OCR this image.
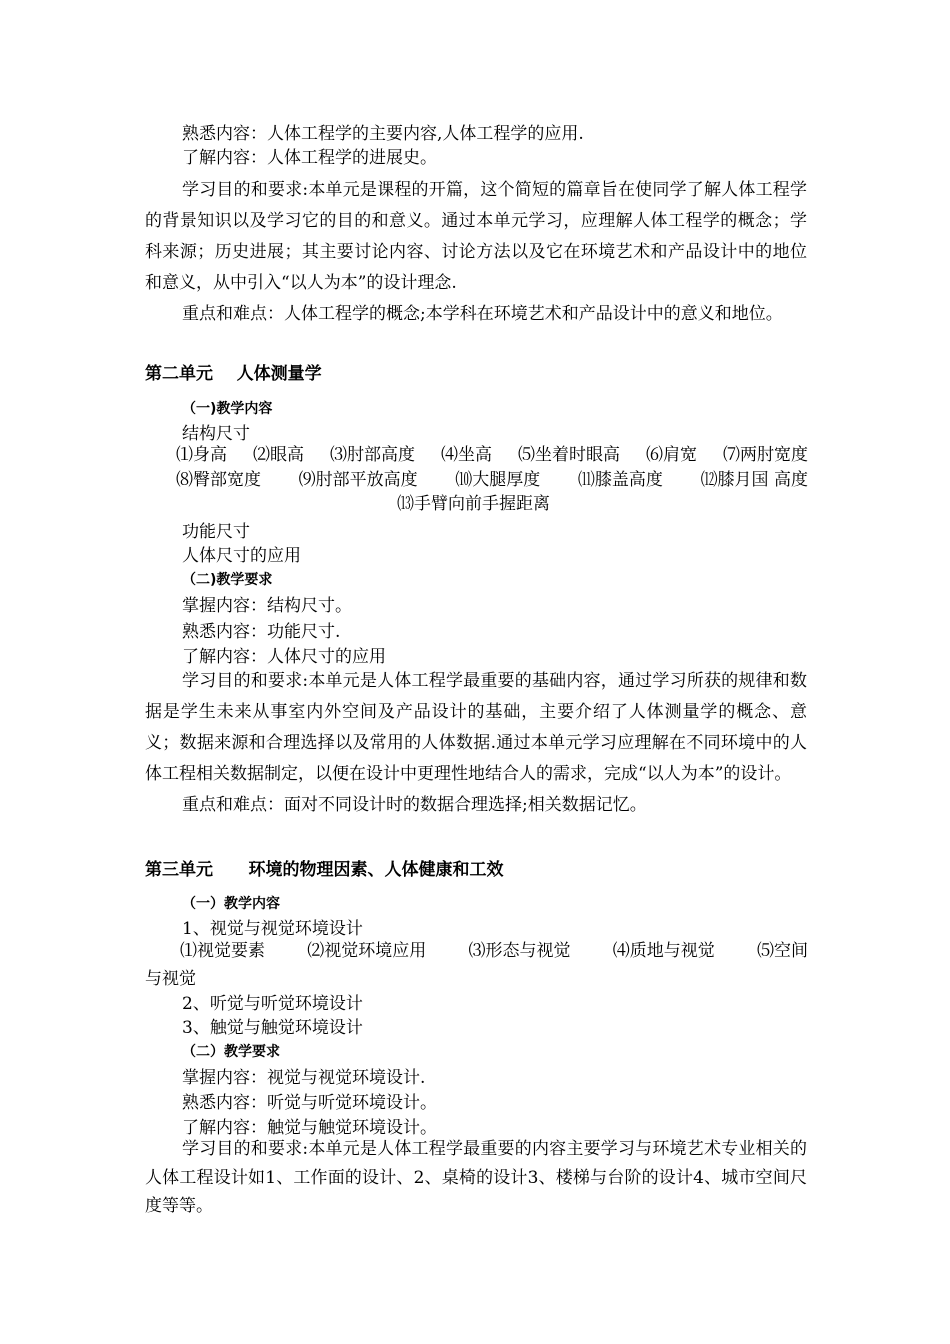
熟悉内容：人体工程学的主要内容,人体工程学的应用.

了解内容：人体工程学的进展史。

学习目的和要求:本单元是课程的开篇，这个简短的篇章旨在使同学了解人体工程学的背景知识以及学习它的目的和意义。通过本单元学习，应理解人体工程学的概念；学科来源；历史进展；其主要讨论内容、讨论方法以及它在环境艺术和产品设计中的地位和意义，从中引入“以人为本”的设计理念.

重点和难点：人体工程学的概念;本学科在环境艺术和产品设计中的意义和地位。

第二单元    人体测量学
（一)教学内容
结构尺寸
⑴身高 ⑵眼高 ⑶肘部高度 ⑷坐高 ⑸坐着时眼高 ⑹肩宽 ⑺两肘宽度
⑻臀部宽度 ⑼肘部平放高度 ⑽大腿厚度 ⑾膝盖高度 ⑿膝月国 高度
⒀手臂向前手握距离
功能尺寸
人体尺寸的应用
（二)教学要求
掌握内容：结构尺寸。
熟悉内容：功能尺寸.
了解内容：人体尺寸的应用

学习目的和要求:本单元是人体工程学最重要的基础内容，通过学习所获的规律和数据是学生未来从事室内外空间及产品设计的基础，主要介绍了人体测量学的概念、意义；数据来源和合理选择以及常用的人体数据.通过本单元学习应理解在不同环境中的人体工程相关数据制定，以便在设计中更理性地结合人的需求，完成“以人为本”的设计。

重点和难点：面对不同设计时的数据合理选择;相关数据记忆。

第三单元      环境的物理因素、人体健康和工效
（一）教学内容
1、视觉与视觉环境设计
⑴视觉要素 ⑵视觉环境应用 ⑶形态与视觉 ⑷质地与视觉 ⑸空间
与视觉
2、听觉与听觉环境设计
3、触觉与触觉环境设计
（二）教学要求
掌握内容：视觉与视觉环境设计.
熟悉内容：听觉与听觉环境设计。
了解内容：触觉与触觉环境设计。

学习目的和要求:本单元是人体工程学最重要的内容主要学习与环境艺术专业相关的人体工程设计如1、工作面的设计、2、桌椅的设计3、楼梯与台阶的设计4、城市空间尺度等等。
